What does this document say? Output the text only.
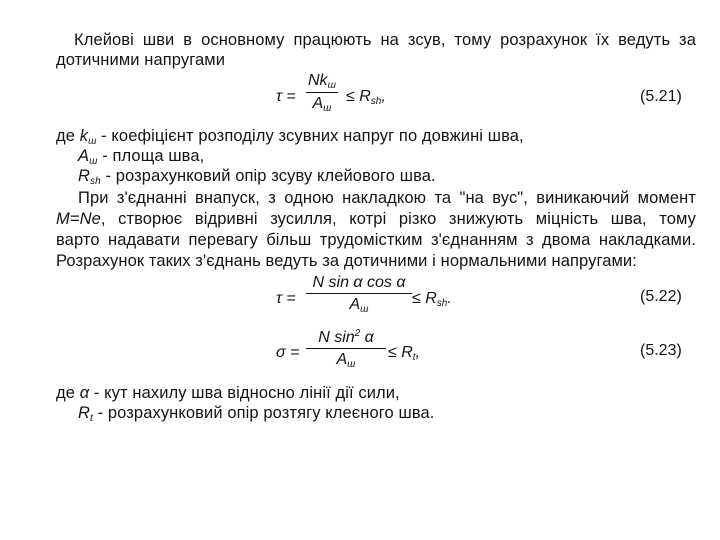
Клейові шви в основному працюють на зсув, тому розрахунок їх ведуть за
дотичними напругами
τ =
$Nk_ш$
$A_ш$
≤ $R_{sh}$,	(5.21)
де $k_ш$ - коефіцієнт розподілу зсувних напруг по довжині шва,
$A_ш$ - площа шва,
$R_{sh}$ - розрахунковий опір зсуву клейового шва.
При з'єднанні внапуск, з одною накладкою та "на вус", виникаючий момент
M=Ne, створює відривні зусилля, котрі різко знижують міцність шва, тому
варто надавати перевагу більш трудомістким з'єднанням з двома накладками.
Розрахунок таких з'єднань ведуть за дотичними і нормальними напругами:
τ =
N sin α cos α
$A_ш$
≤ $R_{sh}$.	(5.22)
σ =
N $\sin^2 \alpha$
$A_ш$
≤ $R_t$,	(5.23)
де α - кут нахилу шва відносно лінії дії сили,
$R_t$ - розрахунковий опір розтягу клеєного шва.
